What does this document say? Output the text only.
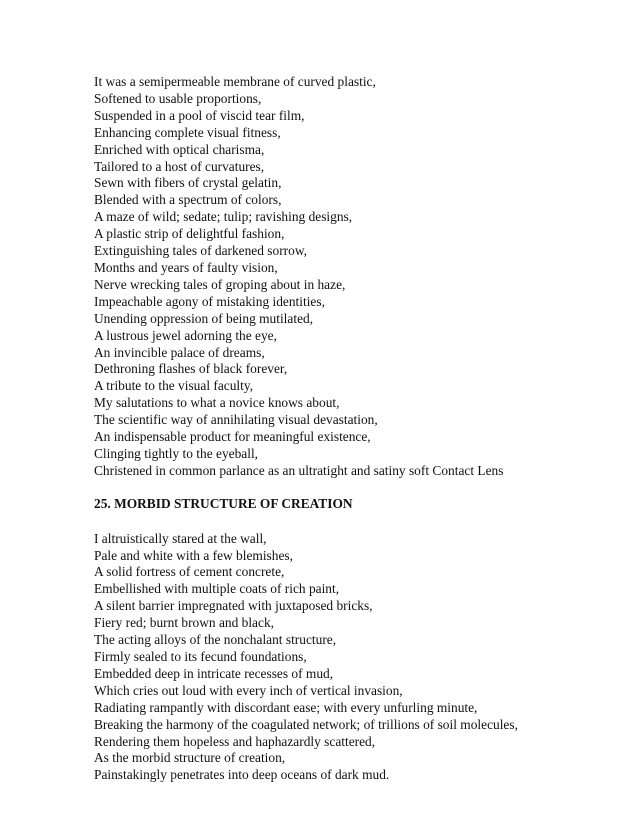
It was a semipermeable membrane of curved plastic,
Softened to usable proportions,
Suspended in a pool of viscid tear film,
Enhancing complete visual fitness,
Enriched with optical charisma,
Tailored to a host of curvatures,
Sewn with fibers of crystal gelatin,
Blended with a spectrum of colors,
A maze of wild; sedate; tulip; ravishing designs,
A plastic strip of delightful fashion,
Extinguishing tales of darkened sorrow,
Months and years of faulty vision,
Nerve wrecking tales of groping about in haze,
Impeachable agony of mistaking identities,
Unending oppression of being mutilated,
A lustrous jewel adorning the eye,
An invincible palace of dreams,
Dethroning flashes of black forever,
A tribute to the visual faculty,
My salutations to what a novice knows about,
The scientific way of annihilating visual devastation,
An indispensable product for meaningful existence,
Clinging tightly to the eyeball,
Christened in common parlance as an ultratight and satiny soft Contact Lens
25. MORBID STRUCTURE OF CREATION
I altruistically stared at the wall,
Pale and white with a few blemishes,
A solid fortress of cement concrete,
Embellished with multiple coats of rich paint,
A silent barrier impregnated with juxtaposed bricks,
Fiery red; burnt brown and black,
The acting alloys of the nonchalant structure,
Firmly sealed to its fecund foundations,
Embedded deep in intricate recesses of mud,
Which cries out loud with every inch of vertical invasion,
Radiating rampantly with discordant ease; with every unfurling minute,
Breaking the harmony of the coagulated network; of trillions of soil molecules,
Rendering them hopeless and haphazardly scattered,
As the morbid structure of creation,
Painstakingly penetrates into deep oceans of dark mud.
